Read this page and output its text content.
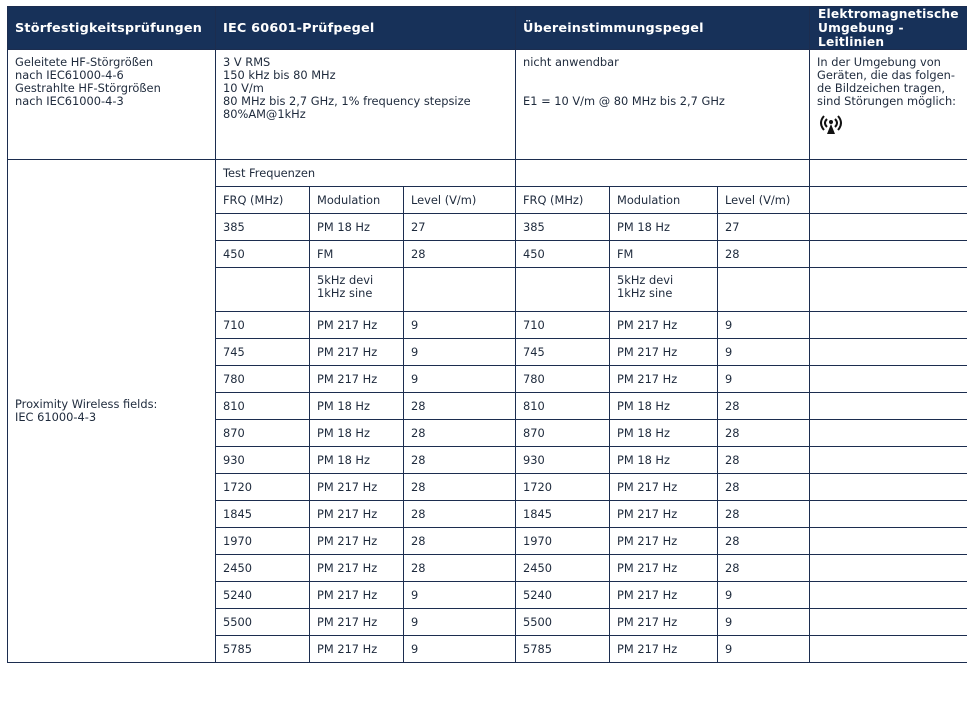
Störfestigkeitsprüfungen	IEC 60601-Prüfpegel			Übereinstimmungspegel			Elektromagnetische
Umgebung -Leitlinien

Geleitete HF-Störgrößen
nach IEC61000-4-6
Gestrahlte HF-Störgrößen
nach IEC61000-4-3	3 V RMS
150 kHz bis 80 MHz
10 V/m
80 MHz bis 2,7 GHz, 1% frequency stepsize
80%AM@1kHz			nicht anwendbar

E1 = 10 V/m @ 80 MHz bis 2,7 GHz			In der Umgebung von
Geräten, die das folgen-
de Bildzeichen tragen,
sind Störungen möglich:

Proximity Wireless fields:
IEC 61000-4-3	Test Frequenzen						
	FRQ (MHz)	Modulation	Level (V/m)	FRQ (MHz)	Modulation	Level (V/m)	
	385	PM 18 Hz	27	385	PM 18 Hz	27	
	450	FM	28	450	FM	28	
		5kHz devi
1kHz sine			5kHz devi
1kHz sine		
	710	PM 217 Hz	9	710	PM 217 Hz	9	
	745	PM 217 Hz	9	745	PM 217 Hz	9	
	780	PM 217 Hz	9	780	PM 217 Hz	9	
	810	PM 18 Hz	28	810	PM 18 Hz	28	
	870	PM 18 Hz	28	870	PM 18 Hz	28	
	930	PM 18 Hz	28	930	PM 18 Hz	28	
	1720	PM 217 Hz	28	1720	PM 217 Hz	28	
	1845	PM 217 Hz	28	1845	PM 217 Hz	28	
	1970	PM 217 Hz	28	1970	PM 217 Hz	28	
	2450	PM 217 Hz	28	2450	PM 217 Hz	28	
	5240	PM 217 Hz	9	5240	PM 217 Hz	9	
	5500	PM 217 Hz	9	5500	PM 217 Hz	9	
	5785	PM 217 Hz	9	5785	PM 217 Hz	9	
